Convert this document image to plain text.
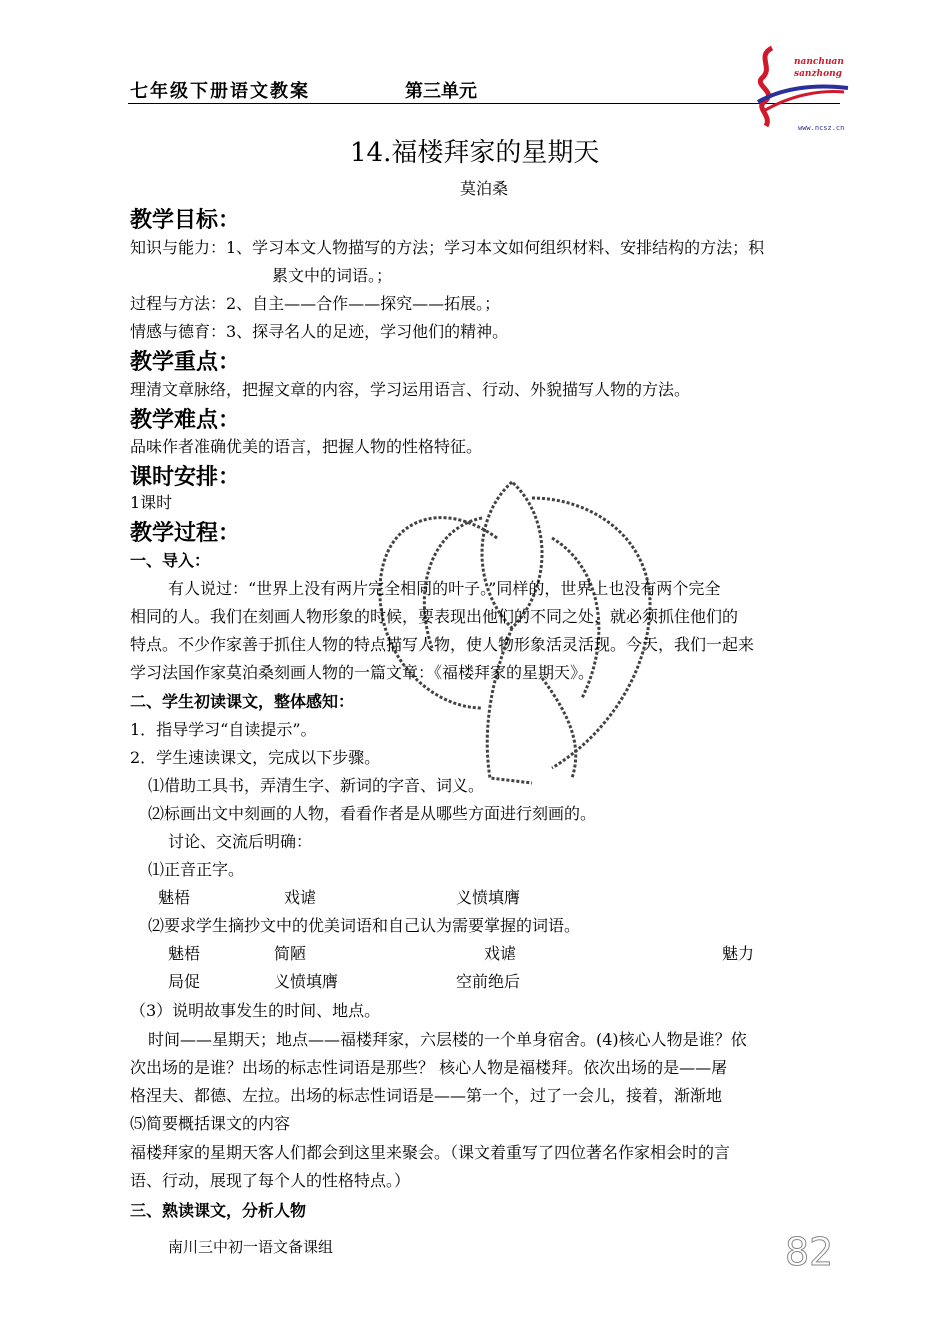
七年级下册语文教案	第三单元
nanchuan
sanzhong
www.ncsz.cn
14.福楼拜家的星期天
莫泊桑
教学目标：
知识与能力：1、学习本文人物描写的方法；学习本文如何组织材料、安排结构的方法；积
累文中的词语。；
过程与方法：2、自主——合作——探究——拓展。；
情感与德育：3、探寻名人的足迹，学习他们的精神。
教学重点：
理清文章脉络，把握文章的内容，学习运用语言、行动、外貌描写人物的方法。
教学难点：
品味作者准确优美的语言，把握人物的性格特征。
课时安排：
1课时
教学过程：
一、导入：
有人说过：“世界上没有两片完全相同的叶子。”同样的，世界上也没有两个完全
相同的人。我们在刻画人物形象的时候，要表现出他们的不同之处，就必须抓住他们的
特点。不少作家善于抓住人物的特点描写人物，使人物形象活灵活现。今天，我们一起来
学习法国作家莫泊桑刻画人物的一篇文章：《福楼拜家的星期天》。
二、学生初读课文，整体感知：
1．指导学习“自读提示”。
2．学生速读课文，完成以下步骤。
⑴借助工具书，弄清生字、新词的字音、词义。
⑵标画出文中刻画的人物，看看作者是从哪些方面进行刻画的。
讨论、交流后明确：
⑴正音正字。
魅梧	戏谑	义愤填膺
⑵要求学生摘抄文中的优美词语和自己认为需要掌握的词语。
魅梧	简陋	戏谑	魅力
局促	义愤填膺	空前绝后
（3）说明故事发生的时间、地点。
时间——星期天；地点——福楼拜家，六层楼的一个单身宿舍。(4)核心人物是谁？依
次出场的是谁？出场的标志性词语是那些？ 核心人物是福楼拜。依次出场的是——屠
格涅夫、都德、左拉。出场的标志性词语是——第一个，过了一会儿，接着，渐渐地
⑸简要概括课文的内容
福楼拜家的星期天客人们都会到这里来聚会。（课文着重写了四位著名作家相会时的言
语、行动，展现了每个人的性格特点。）
三、熟读课文，分析人物
南川三中初一语文备课组	82
